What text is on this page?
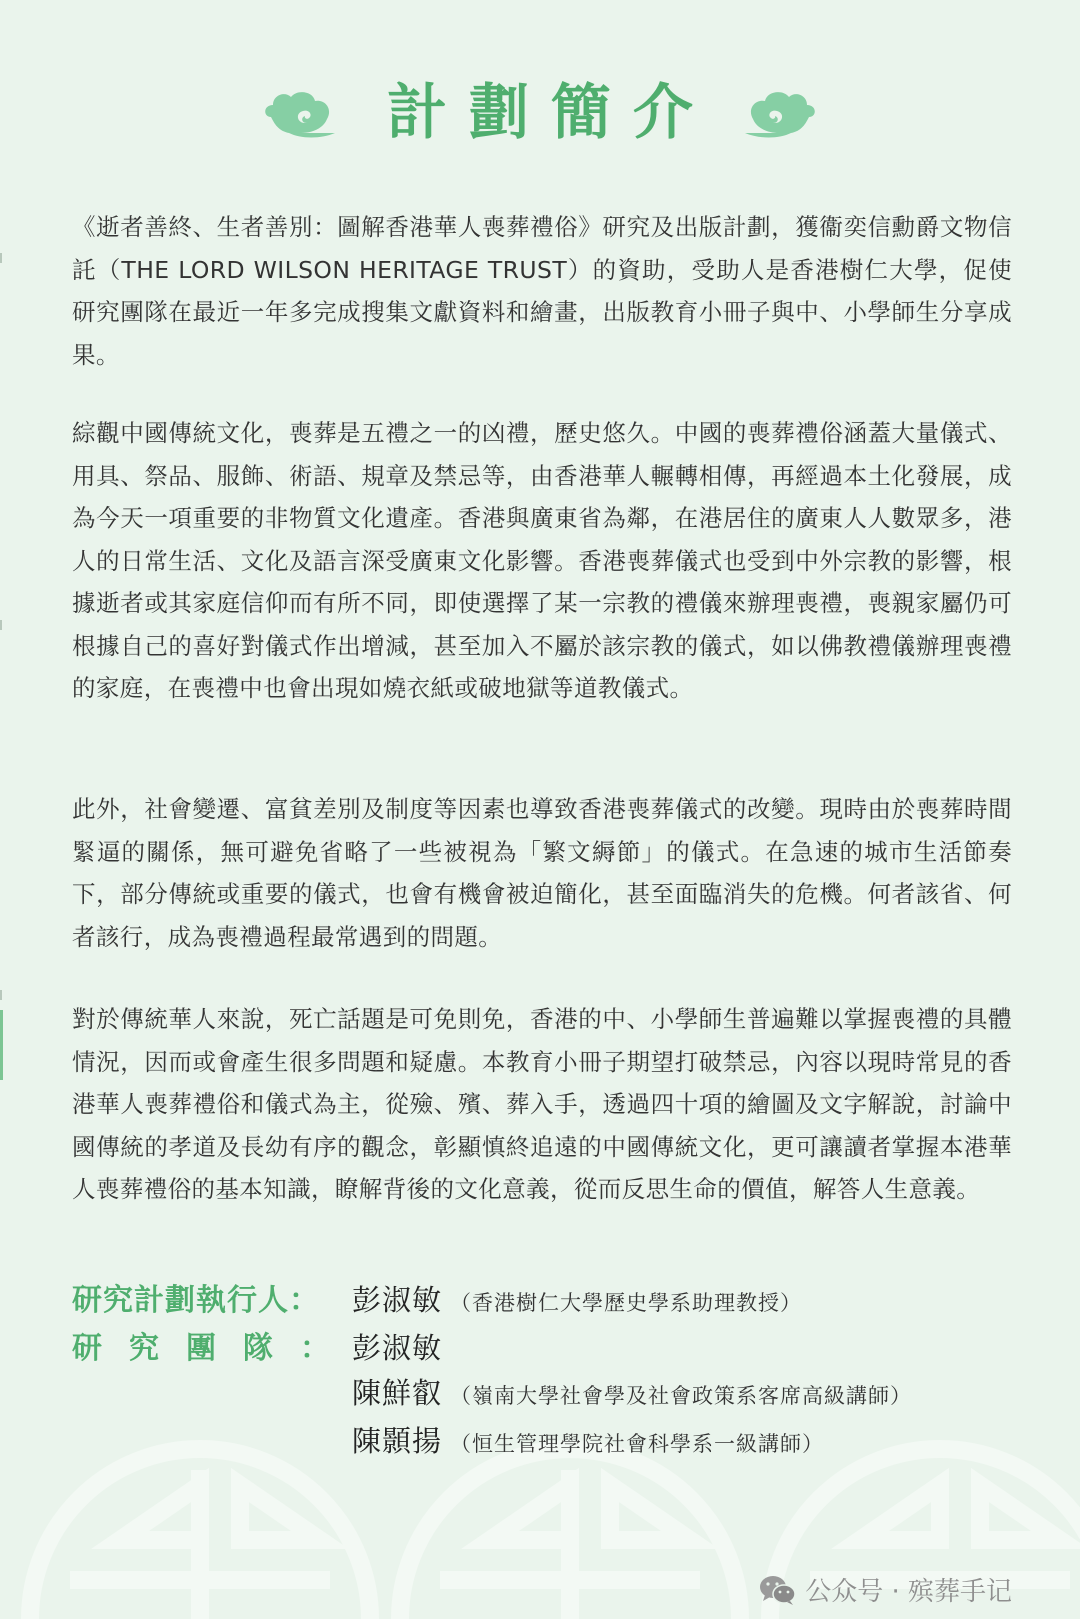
計劃簡介

《逝者善終、生者善別：圖解香港華人喪葬禮俗》研究及出版計劃，獲衞奕信勳爵文物信託（THE LORD WILSON HERITAGE TRUST）的資助，受助人是香港樹仁大學，促使研究團隊在最近一年多完成搜集文獻資料和繪畫，出版教育小冊子與中、小學師生分享成果。

綜觀中國傳統文化，喪葬是五禮之一的凶禮，歷史悠久。中國的喪葬禮俗涵蓋大量儀式、用具、祭品、服飾、術語、規章及禁忌等，由香港華人輾轉相傳，再經過本土化發展，成為今天一項重要的非物質文化遺產。香港與廣東省為鄰，在港居住的廣東人人數眾多，港人的日常生活、文化及語言深受廣東文化影響。香港喪葬儀式也受到中外宗教的影響，根據逝者或其家庭信仰而有所不同，即使選擇了某一宗教的禮儀來辦理喪禮，喪親家屬仍可根據自己的喜好對儀式作出增減，甚至加入不屬於該宗教的儀式，如以佛教禮儀辦理喪禮的家庭，在喪禮中也會出現如燒衣紙或破地獄等道教儀式。

此外，社會變遷、富貧差別及制度等因素也導致香港喪葬儀式的改變。現時由於喪葬時間緊逼的關係，無可避免省略了一些被視為「繁文縟節」的儀式。在急速的城市生活節奏下，部分傳統或重要的儀式，也會有機會被迫簡化，甚至面臨消失的危機。何者該省、何者該行，成為喪禮過程最常遇到的問題。

對於傳統華人來說，死亡話題是可免則免，香港的中、小學師生普遍難以掌握喪禮的具體情況，因而或會產生很多問題和疑慮。本教育小冊子期望打破禁忌，內容以現時常見的香港華人喪葬禮俗和儀式為主，從殮、殯、葬入手，透過四十項的繪圖及文字解說，討論中國傳統的孝道及長幼有序的觀念，彰顯慎終追遠的中國傳統文化，更可讓讀者掌握本港華人喪葬禮俗的基本知識，瞭解背後的文化意義，從而反思生命的價值，解答人生意義。

研究計劃執行人：	彭淑敏 （香港樹仁大學歷史學系助理教授）
研究團隊：
彭淑敏
陳鮮叡 （嶺南大學社會學及社會政策系客席高級講師）
陳顥揚 （恒生管理學院社會科學系一級講師）
公众号 · 殡葬手记
